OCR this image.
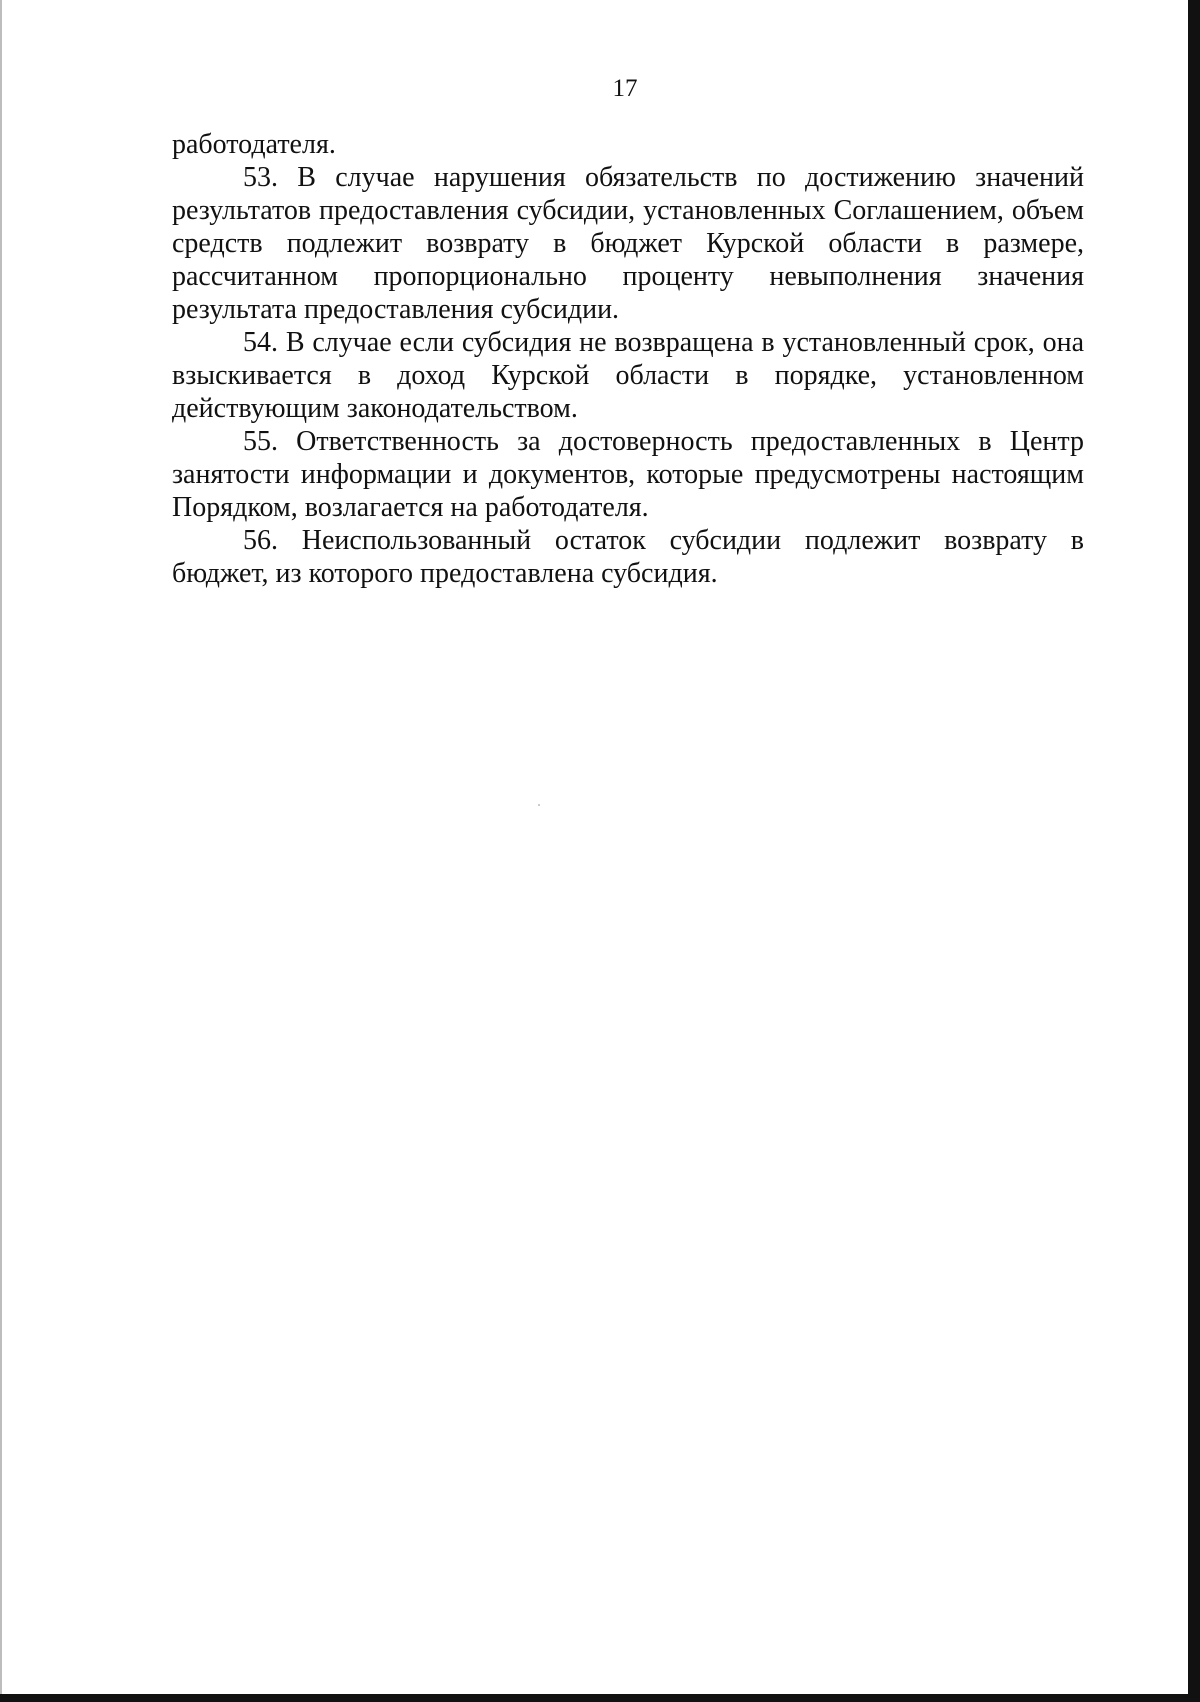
17

работодателя.

53. В случае нарушения обязательств по достижению значений результатов предоставления субсидии, установленных Соглашением, объем средств подлежит возврату в бюджет Курской области в размере, рассчитанном пропорционально проценту невыполнения значения результата предоставления субсидии.

54. В случае если субсидия не возвращена в установленный срок, она взыскивается в доход Курской области в порядке, установленном действующим законодательством.

55. Ответственность за достоверность предоставленных в Центр занятости информации и документов, которые предусмотрены настоящим Порядком, возлагается на работодателя.

56. Неиспользованный остаток субсидии подлежит возврату в бюджет, из которого предоставлена субсидия.
